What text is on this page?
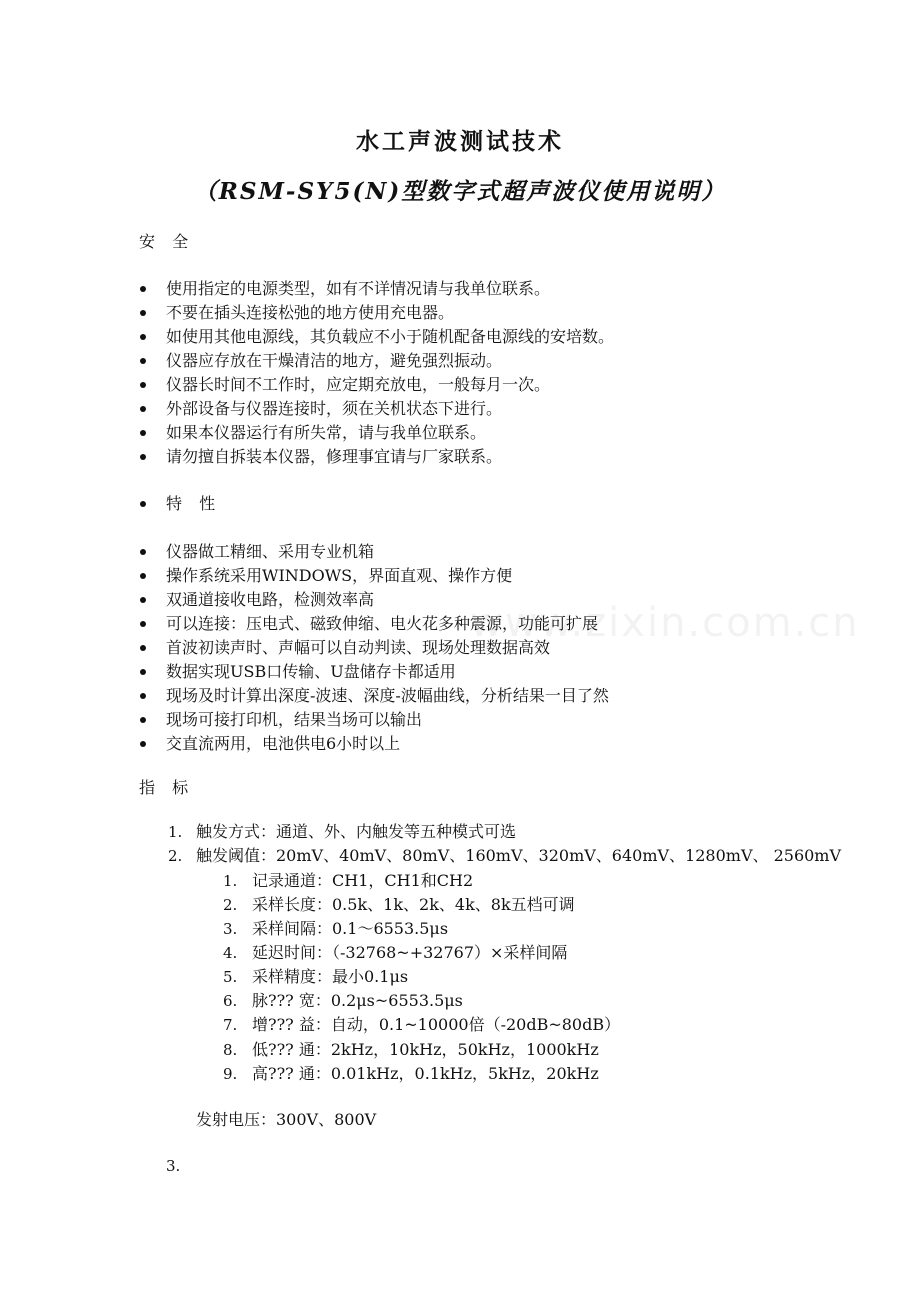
www.zixin.com.cn
水工声波测试技术
（RSM-SY5(N)型数字式超声波仪使用说明）
安 全
使用指定的电源类型，如有不详情况请与我单位联系。
不要在插头连接松弛的地方使用充电器。
如使用其他电源线，其负载应不小于随机配备电源线的安培数。
仪器应存放在干燥清洁的地方，避免强烈振动。
仪器长时间不工作时，应定期充放电，一般每月一次。
外部设备与仪器连接时，须在关机状态下进行。
如果本仪器运行有所失常，请与我单位联系。
请勿擅自拆装本仪器，修理事宜请与厂家联系。
特 性
仪器做工精细、采用专业机箱
操作系统采用WINDOWS，界面直观、操作方便
双通道接收电路，检测效率高
可以连接：压电式、磁致伸缩、电火花多种震源，功能可扩展
首波初读声时、声幅可以自动判读、现场处理数据高效
数据实现USB口传输、U盘储存卡都适用
现场及时计算出深度-波速、深度-波幅曲线，分析结果一目了然
现场可接打印机，结果当场可以输出
交直流两用，电池供电6小时以上
指 标
1. 触发方式：通道、外、内触发等五种模式可选
2. 触发阈值：20mV、40mV、80mV、160mV、320mV、640mV、1280mV、 2560mV
1. 记录通道：CH1，CH1和CH2
2. 采样长度：0.5k、1k、2k、4k、8k五档可调
3. 采样间隔：0.1～6553.5μs
4. 延迟时间：（-32768~+32767）×采样间隔
5. 采样精度：最小0.1μs
6. 脉??? 宽：0.2μs~6553.5μs
7. 增??? 益：自动，0.1~10000倍（-20dB~80dB）
8. 低??? 通：2kHz，10kHz，50kHz，1000kHz
9. 高??? 通：0.01kHz，0.1kHz，5kHz，20kHz
发射电压：300V、800V
3.
